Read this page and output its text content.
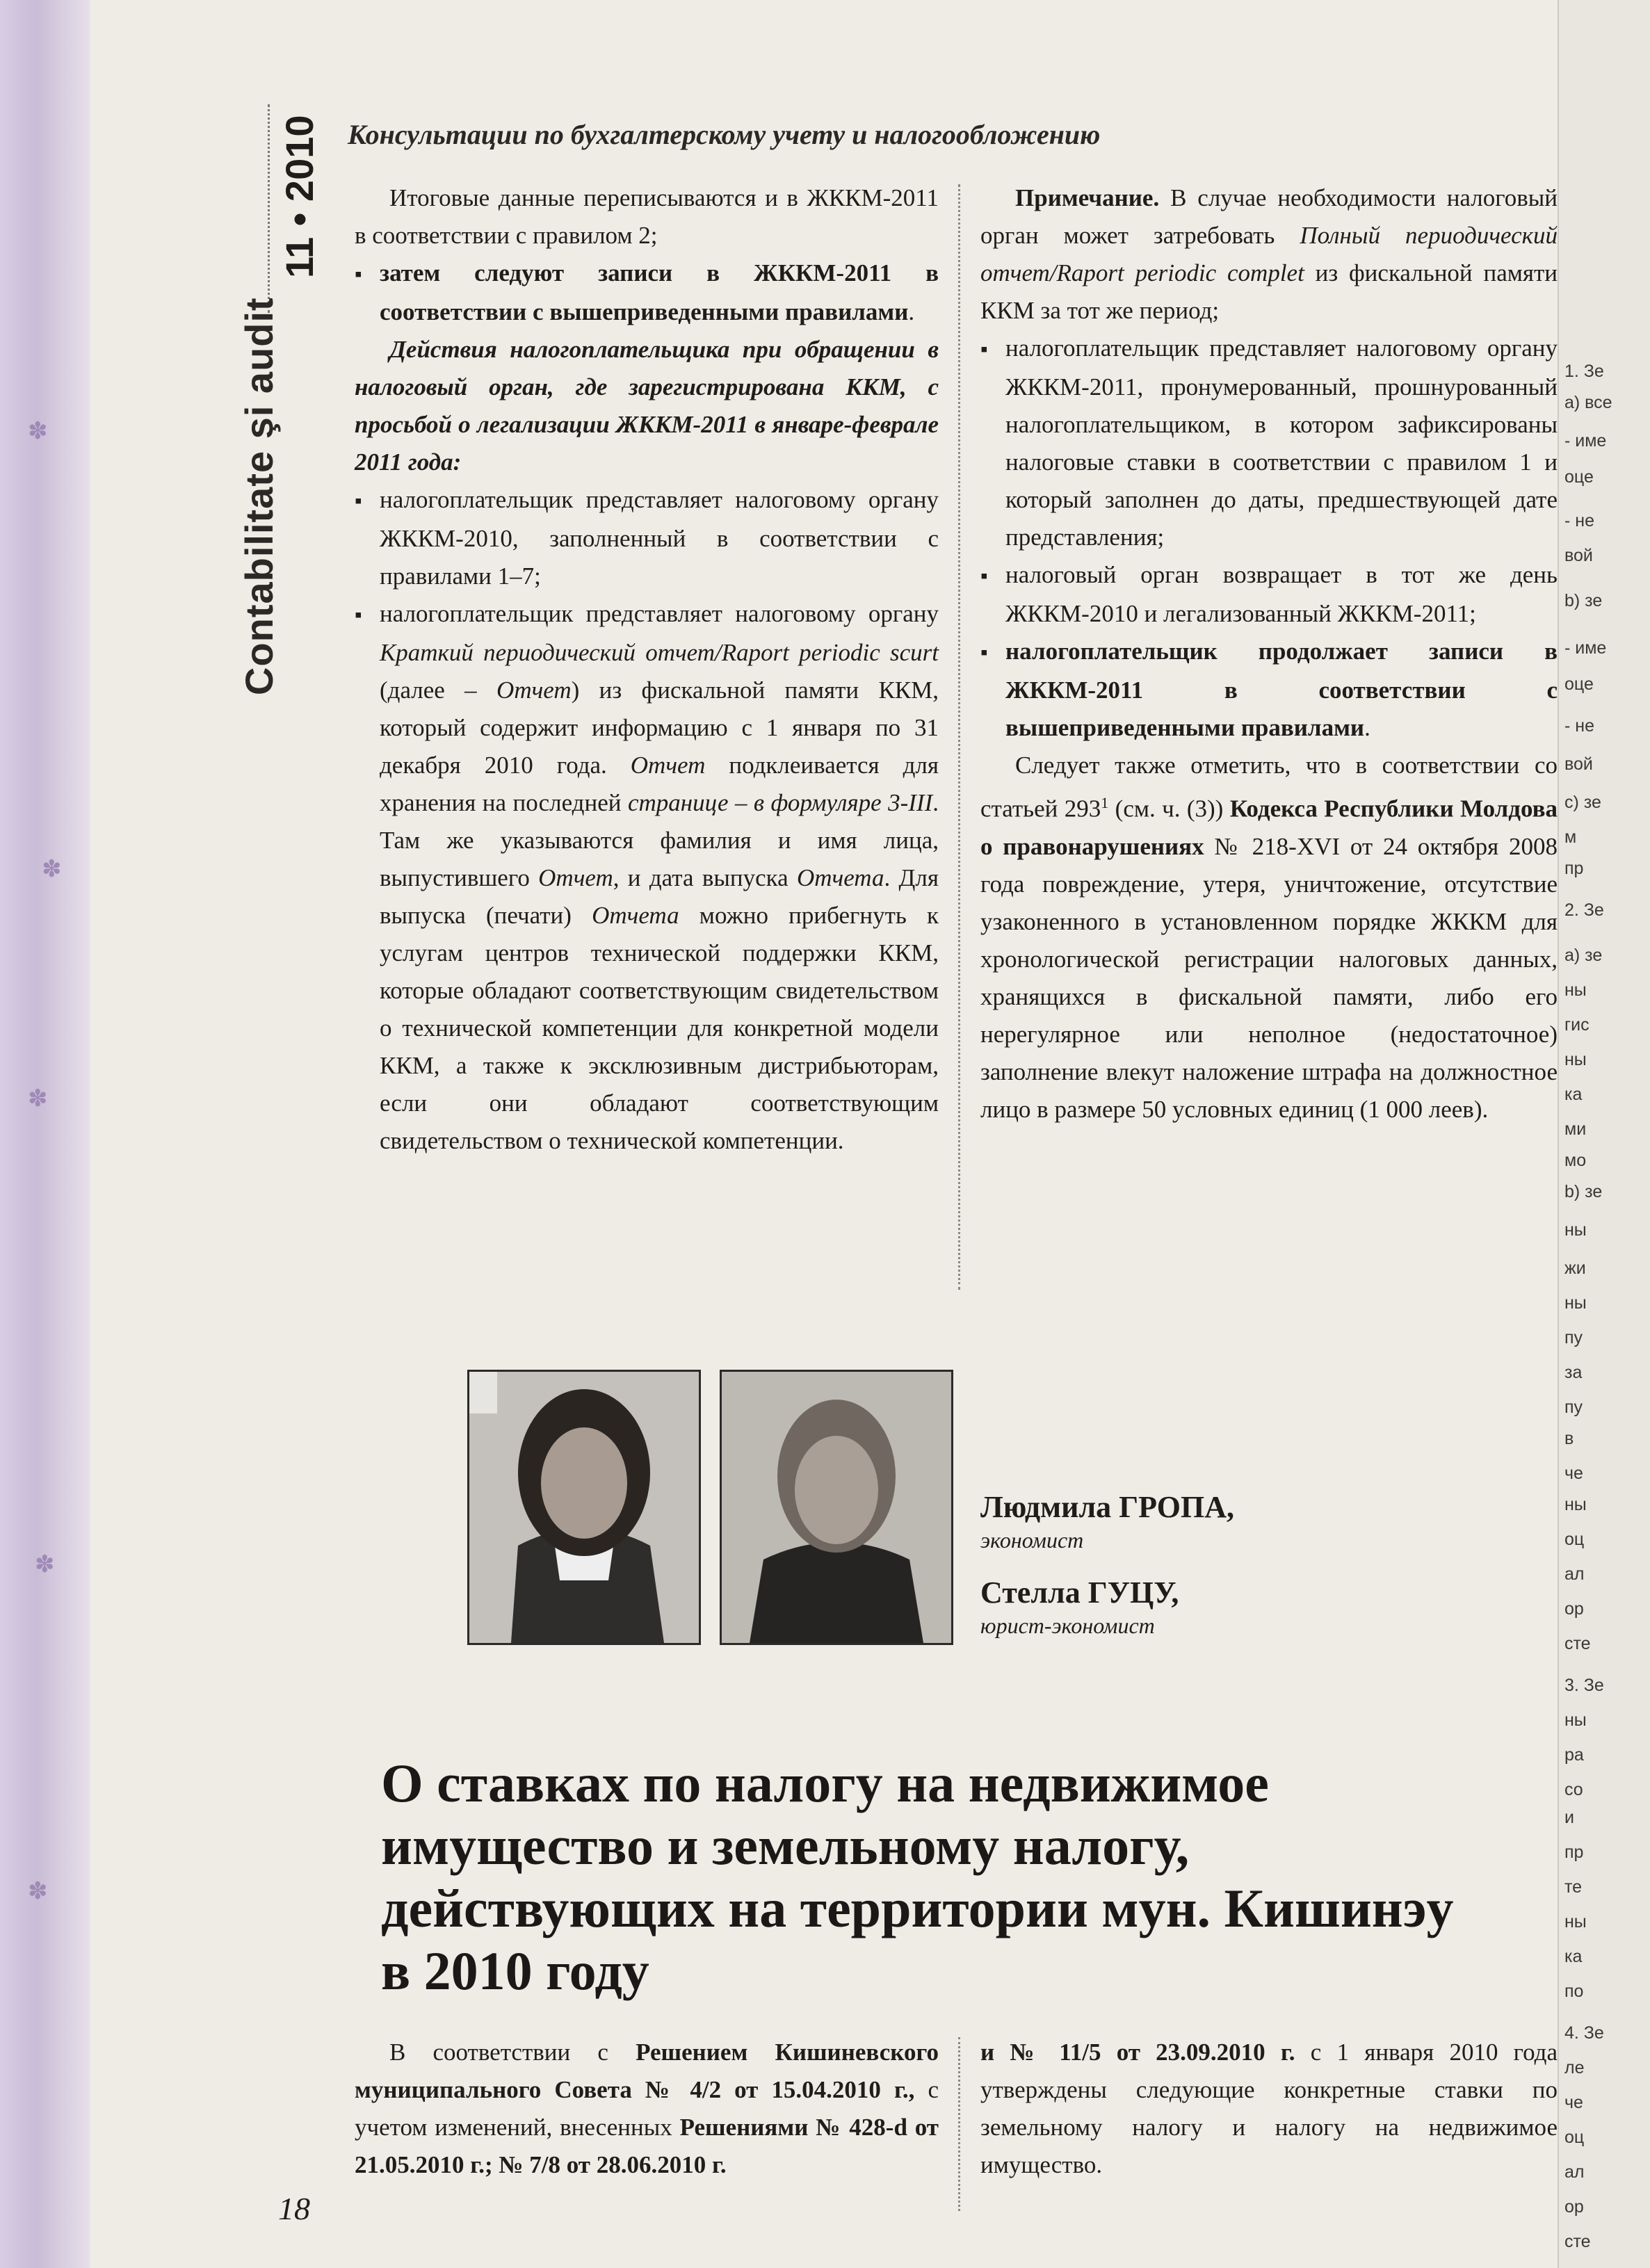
✽
✽
✽
✽
✽
1. Зе
a) все
- име
оце
- не
вой
b) зе
- име
оце
- не
вой
c) зе
м
пр
2. Зе
a) зе
ны
гис
ны
ка
ми
мо
b) зе
ны
жи
ны
пу
за
пу
в
че
ны
оц
ал
ор
сте
3. Зе
ны
ра
со
и
пр
те
ны
ка
по
4. Зе
ле
че
оц
ал
ор
сте
11 • 2010
Contabilitate şi audit
Консультации по бухгалтерскому учету и налогообложению

Итоговые данные переписываются и в ЖККМ-2011 в соответствии с правилом 2;

▪ затем следуют записи в ЖККМ-2011 в соответствии с вышеприведенными правилами.

Действия налогоплательщика при обращении в налоговый орган, где зарегистрирована ККМ, с просьбой о легализации ЖККМ-2011 в январе-феврале 2011 года:

▪ налогоплательщик представляет налоговому органу ЖККМ-2010, заполненный в соответствии с правилами 1–7;

▪ налогоплательщик представляет налоговому органу Краткий периодический отчет/Raport periodic scurt (далее – Отчет) из фискальной памяти ККМ, который содержит информацию с 1 января по 31 декабря 2010 года. Отчет подклеивается для хранения на последней странице – в формуляре 3-III. Там же указываются фамилия и имя лица, выпустившего Отчет, и дата выпуска Отчета. Для выпуска (печати) Отчета можно прибегнуть к услугам центров технической поддержки ККМ, которые обладают соответствующим свидетельством о технической компетенции для конкретной модели ККМ, а также к эксклюзивным дистрибьюторам, если они обладают соответствующим свидетельством о технической компетенции.

Примечание. В случае необходимости налоговый орган может затребовать Полный периодический отчет/Raport periodic complet из фискальной памяти ККМ за тот же период;

▪ налогоплательщик представляет налоговому органу ЖККМ-2011, пронумерованный, прошнурованный налогоплательщиком, в котором зафиксированы налоговые ставки в соответствии с правилом 1 и который заполнен до даты, предшествующей дате представления;

▪ налоговый орган возвращает в тот же день ЖККМ-2010 и легализованный ЖККМ-2011;

▪ налогоплательщик продолжает записи в ЖККМ-2011 в соответствии с вышеприведенными правилами.

Следует также отметить, что в соответствии со статьей $293^1$ (см. ч. (3)) Кодекса Республики Молдова о правонарушениях № 218-XVI от 24 октября 2008 года повреждение, утеря, уничтожение, отсутствие узаконенного в установленном порядке ЖККМ для хронологической регистрации налоговых данных, хранящихся в фискальной памяти, либо его нерегулярное или неполное (недостаточное) заполнение влекут наложение штрафа на должностное лицо в размере 50 условных единиц (1 000 леев).

Людмила ГРОПА,
экономист
Стелла ГУЦУ,
юрист-экономист
О ставках по налогу на недвижимое имущество и земельному налогу, действующих на территории мун. Кишинэу в 2010 году
В соответствии с Решением Кишиневского муниципального Совета № 4/2 от 15.04.2010 г., с учетом изменений, внесенных Решениями № 428-d от 21.05.2010 г.; № 7/8 от 28.06.2010 г.
и № 11/5 от 23.09.2010 г. с 1 января 2010 года утверждены следующие конкретные ставки по земельному налогу и налогу на недвижимое имущество.
18
